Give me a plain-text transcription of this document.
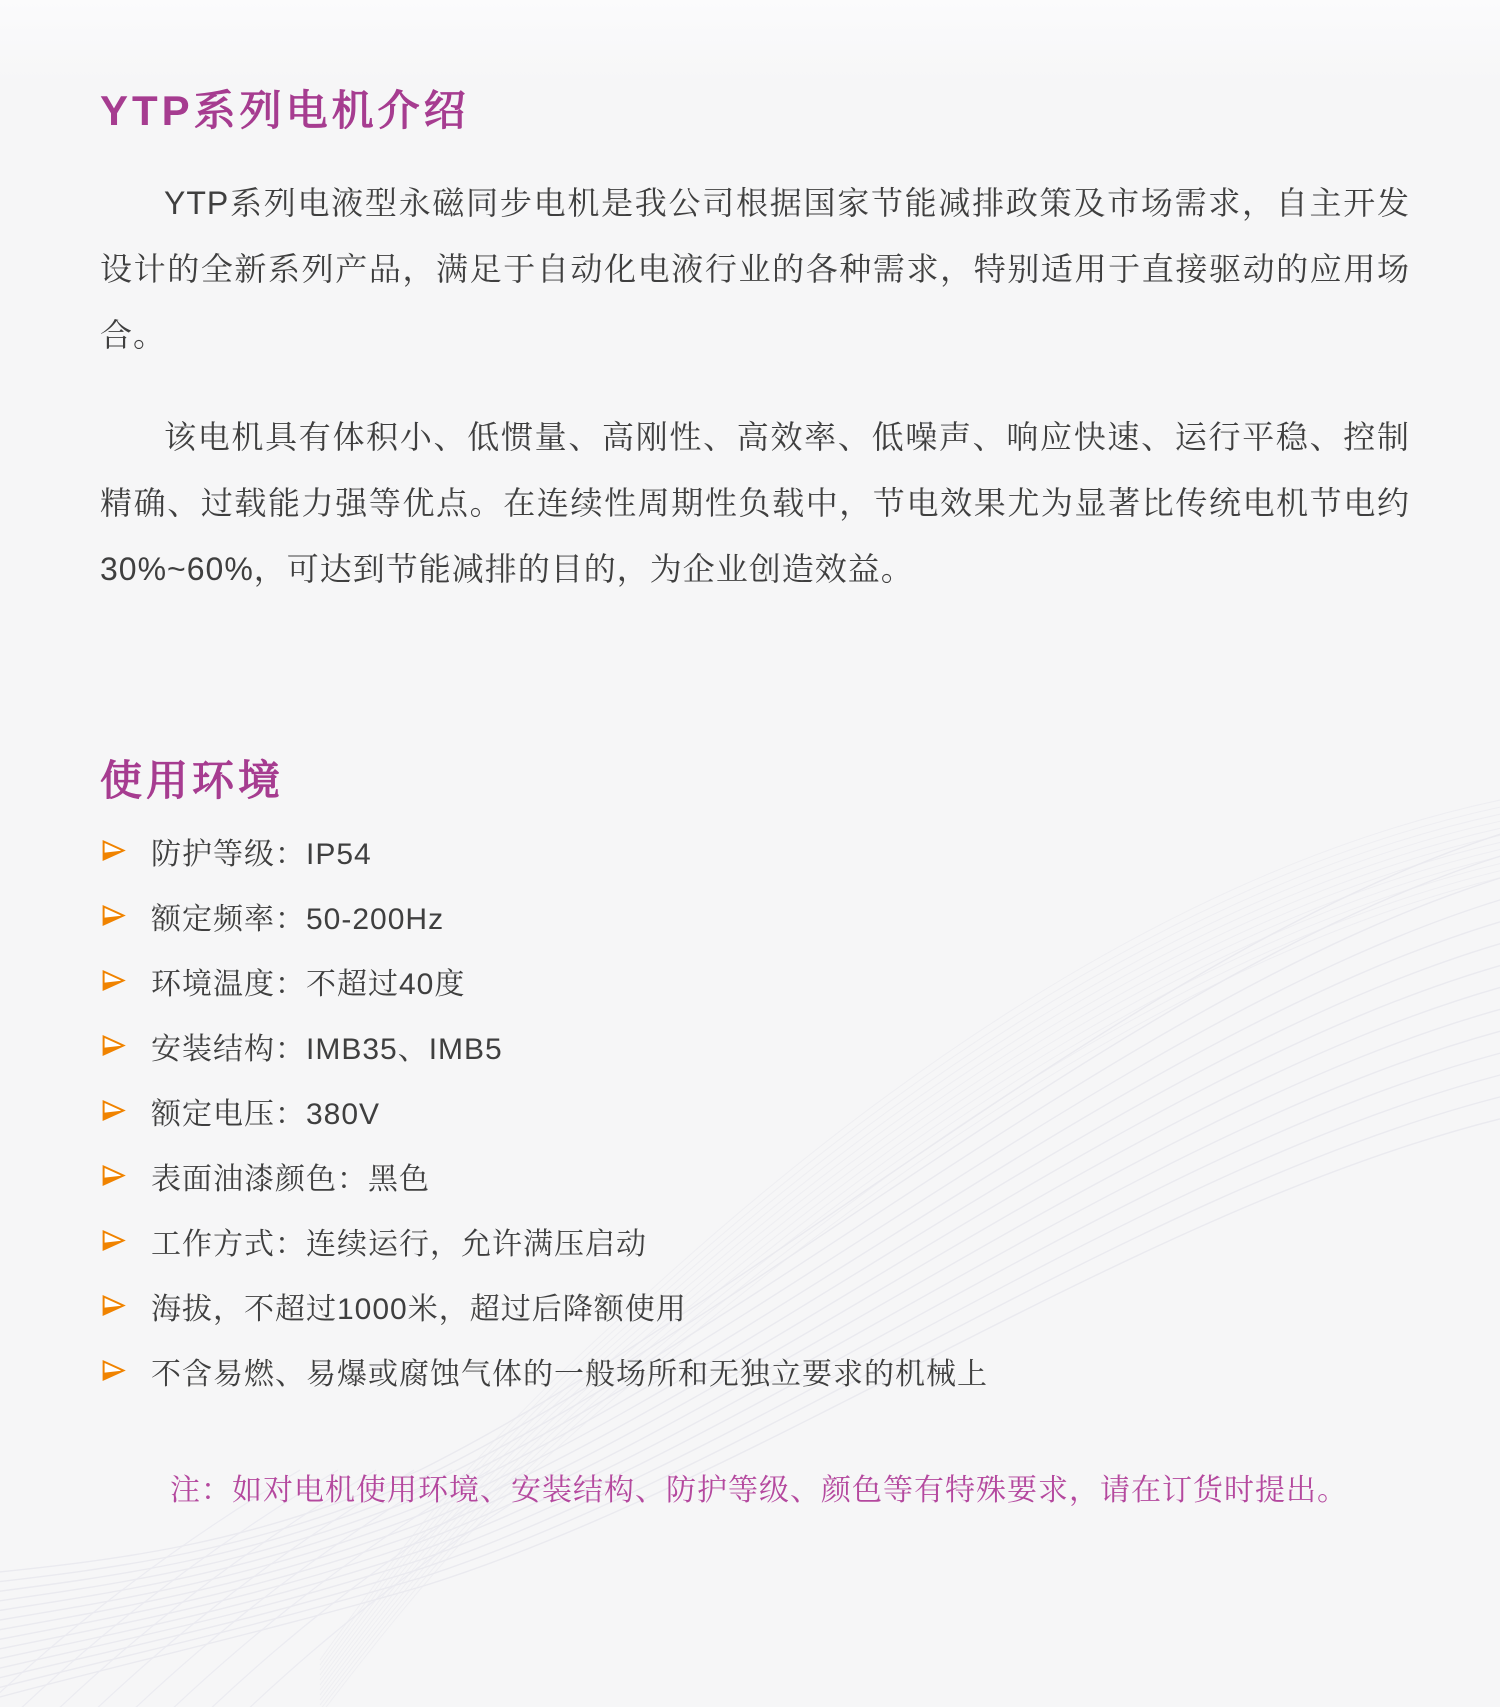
YTP系列电机介绍

YTP系列电液型永磁同步电机是我公司根据国家节能减排政策及市场需求，自主开发设计的全新系列产品，满足于自动化电液行业的各种需求，特别适用于直接驱动的应用场合。

该电机具有体积小、低惯量、高刚性、高效率、低噪声、响应快速、运行平稳、控制精确、过载能力强等优点。在连续性周期性负载中，节电效果尤为显著比传统电机节电约30%~60%，可达到节能减排的目的，为企业创造效益。

使用环境
防护等级：IP54
额定频率：50-200Hz
环境温度：不超过40度
安装结构：IMB35、IMB5
额定电压：380V
表面油漆颜色：黑色
工作方式：连续运行，允许满压启动
海拔，不超过1000米，超过后降额使用
不含易燃、易爆或腐蚀气体的一般场所和无独立要求的机械上

注：如对电机使用环境、安装结构、防护等级、颜色等有特殊要求，请在订货时提出。
